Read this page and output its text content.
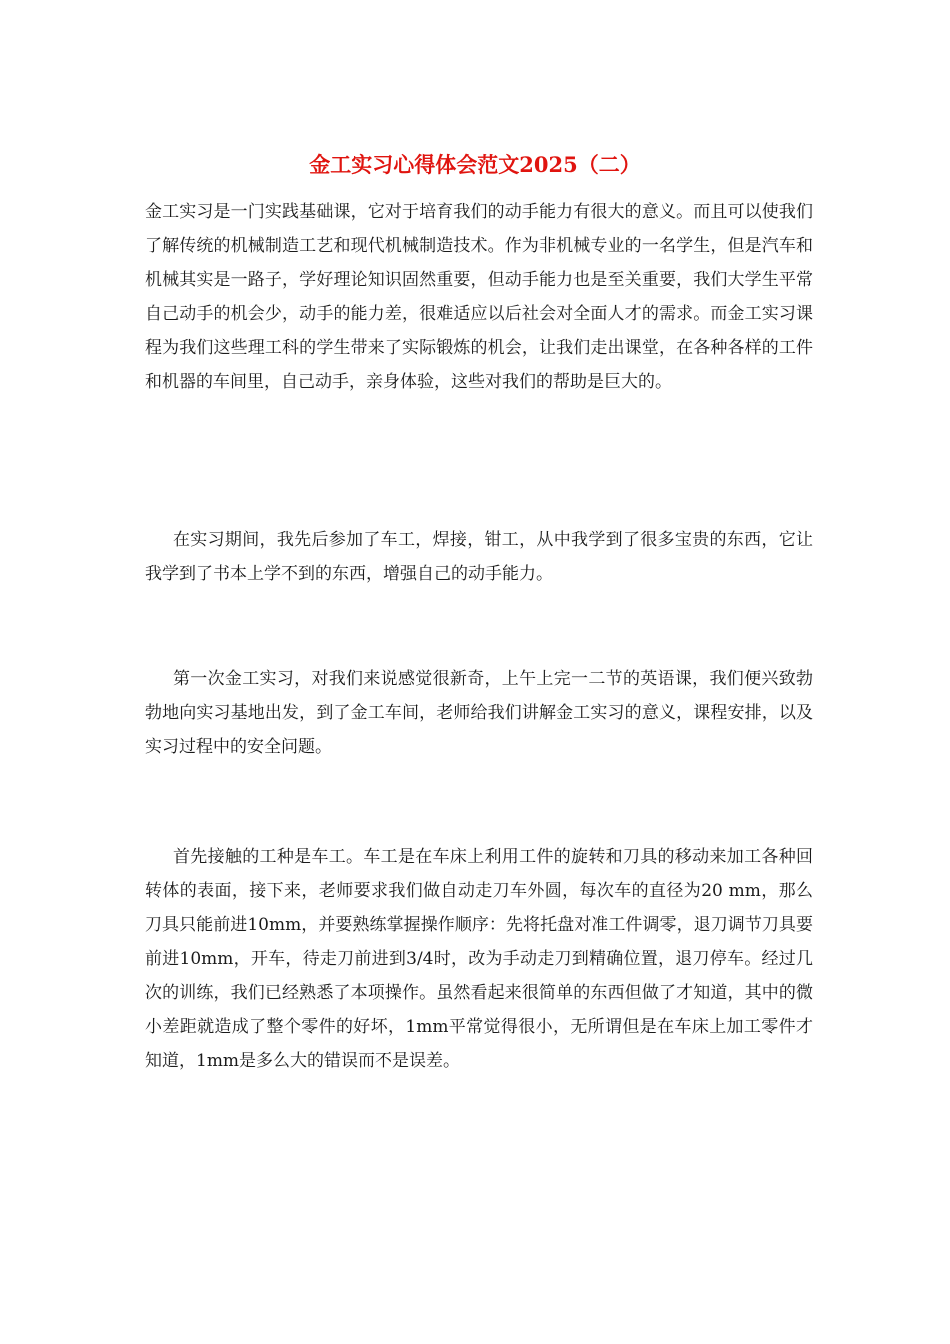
金工实习心得体会范文2025（二）

金工实习是一门实践基础课，它对于培育我们的动手能力有很大的意义。而且可以使我们了解传统的机械制造工艺和现代机械制造技术。作为非机械专业的一名学生，但是汽车和机械其实是一路子，学好理论知识固然重要，但动手能力也是至关重要，我们大学生平常自己动手的机会少，动手的能力差，很难适应以后社会对全面人才的需求。而金工实习课程为我们这些理工科的学生带来了实际锻炼的机会，让我们走出课堂，在各种各样的工件和机器的车间里，自己动手，亲身体验，这些对我们的帮助是巨大的。

在实习期间，我先后参加了车工，焊接，钳工，从中我学到了很多宝贵的东西，它让我学到了书本上学不到的东西，增强自己的动手能力。

第一次金工实习，对我们来说感觉很新奇，上午上完一二节的英语课，我们便兴致勃勃地向实习基地出发，到了金工车间，老师给我们讲解金工实习的意义，课程安排，以及实习过程中的安全问题。

首先接触的工种是车工。车工是在车床上利用工件的旋转和刀具的移动来加工各种回转体的表面，接下来，老师要求我们做自动走刀车外圆，每次车的直径为20 mm，那么刀具只能前进10mm，并要熟练掌握操作顺序：先将托盘对准工件调零，退刀调节刀具要前进10mm，开车，待走刀前进到3/4时，改为手动走刀到精确位置，退刀停车。经过几次的训练，我们已经熟悉了本项操作。虽然看起来很简单的东西但做了才知道，其中的微小差距就造成了整个零件的好坏，1mm平常觉得很小，无所谓但是在车床上加工零件才知道，1mm是多么大的错误而不是误差。
